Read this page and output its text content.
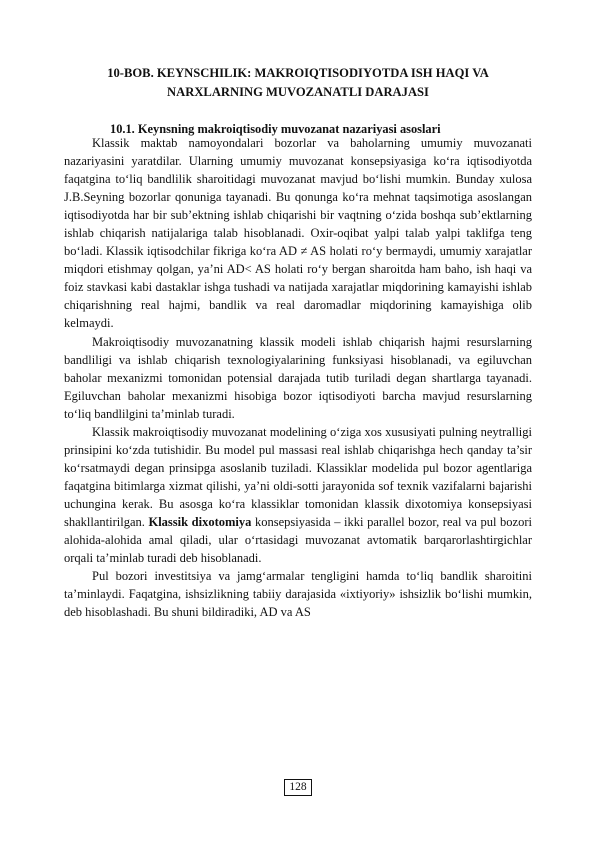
10-BOB. KEYNSCHILIK: MAKROIQTISODIYOTDA ISH HAQI VA
NARXLARNING MUVOZANATLI DARAJASI
10.1. Keynsning makroiqtisodiy muvozanat nazariyasi asoslari

Klassik maktab namoyondalari bozorlar va baholarning umumiy muvozanati nazariyasini yaratdilar. Ularning umumiy muvozanat konsepsiyasiga ko‘ra iqtisodiyotda faqatgina to‘liq bandlilik sharoitidagi muvozanat mavjud bo‘lishi mumkin. Bunday xulosa J.B.Seyning bozorlar qonuniga tayanadi. Bu qonunga ko‘ra mehnat taqsimotiga asoslangan iqtisodiyotda har bir sub’ektning ishlab chiqarishi bir vaqtning o‘zida boshqa sub’ektlarning ishlab chiqarish natijalariga talab hisoblanadi. Oxir-oqibat yalpi talab yalpi taklifga teng bo‘ladi. Klassik iqtisodchilar fikriga ko‘ra AD ≠ AS holati ro‘y bermaydi, umumiy xarajatlar miqdori etishmay qolgan, ya’ni AD< AS holati ro‘y bergan sharoitda ham baho, ish haqi va foiz stavkasi kabi dastaklar ishga tushadi va natijada xarajatlar miqdorining kamayishi ishlab chiqarishning real hajmi, bandlik va real daromadlar miqdorining kamayishiga olib kelmaydi.

Makroiqtisodiy muvozanatning klassik modeli ishlab chiqarish hajmi resurslarning bandliligi va ishlab chiqarish texnologiyalarining funksiyasi hisoblanadi, va egiluvchan baholar mexanizmi tomonidan potensial darajada tutib turiladi degan shartlarga tayanadi. Egiluvchan baholar mexanizmi hisobiga bozor iqtisodiyoti barcha mavjud resurslarning to‘liq bandlilgini ta’minlab turadi.

Klassik makroiqtisodiy muvozanat modelining o‘ziga xos xususiyati pulning neytralligi prinsipini ko‘zda tutishidir. Bu model pul massasi real ishlab chiqarishga hech qanday ta’sir ko‘rsatmaydi degan prinsipga asoslanib tuziladi. Klassiklar modelida pul bozor agentlariga faqatgina bitimlarga xizmat qilishi, ya’ni oldi-sotti jarayonida sof texnik vazifalarni bajarishi uchungina kerak. Bu asosga ko‘ra klassiklar tomonidan klassik dixotomiya konsepsiyasi shakllantirilgan. Klassik dixotomiya konsepsiyasida – ikki parallel bozor, real va pul bozori alohida-alohida amal qiladi, ular o‘rtasidagi muvozanat avtomatik barqarorlashtirgichlar orqali ta’minlab turadi deb hisoblanadi.

Pul bozori investitsiya va jamg‘armalar tengligini hamda to‘liq bandlik sharoitini ta’minlaydi. Faqatgina, ishsizlikning tabiiy darajasida «ixtiyoriy» ishsizlik bo‘lishi mumkin, deb hisoblashadi. Bu shuni bildiradiki, AD va AS

128
